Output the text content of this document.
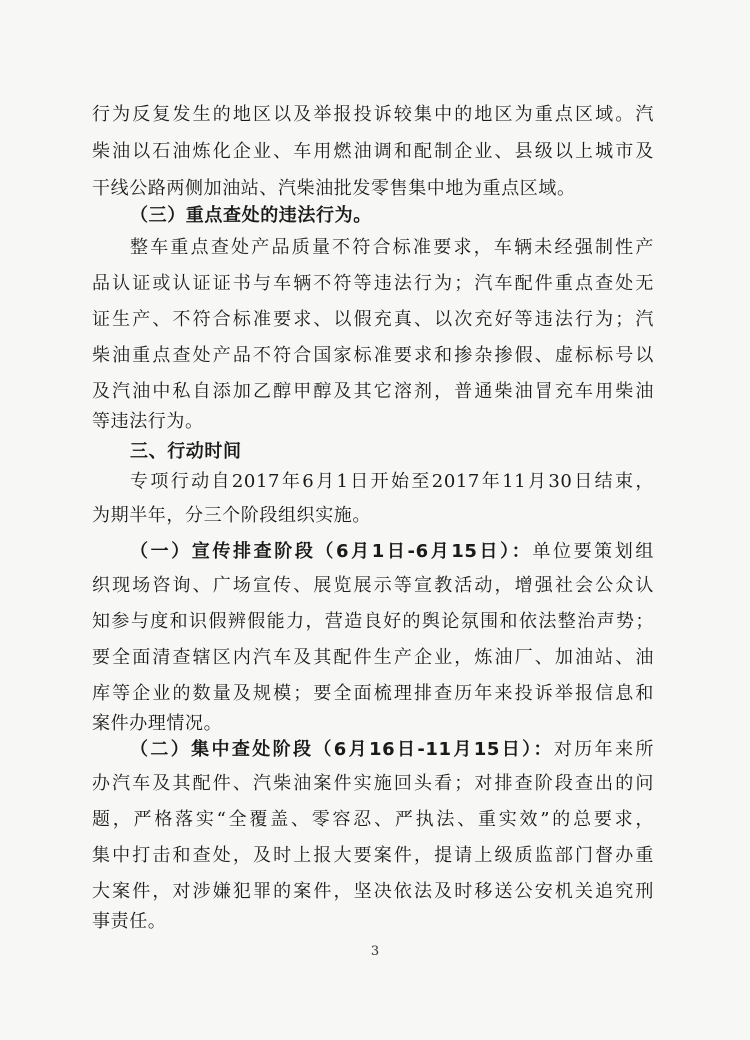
行为反复发生的地区以及举报投诉较集中的地区为重点区域。汽
柴油以石油炼化企业、车用燃油调和配制企业、县级以上城市及
干线公路两侧加油站、汽柴油批发零售集中地为重点区域。
（三）重点查处的违法行为。
整车重点查处产品质量不符合标准要求，车辆未经强制性产
品认证或认证证书与车辆不符等违法行为；汽车配件重点查处无
证生产、不符合标准要求、以假充真、以次充好等违法行为；汽
柴油重点查处产品不符合国家标准要求和掺杂掺假、虚标标号以
及汽油中私自添加乙醇甲醇及其它溶剂，普通柴油冒充车用柴油
等违法行为。
三、行动时间
专项行动自2017年6月1日开始至2017年11月30日结束，
为期半年，分三个阶段组织实施。
（一）宣传排查阶段（6月1日-6月15日）：单位要策划组
织现场咨询、广场宣传、展览展示等宣教活动，增强社会公众认
知参与度和识假辨假能力，营造良好的舆论氛围和依法整治声势；
要全面清查辖区内汽车及其配件生产企业，炼油厂、加油站、油
库等企业的数量及规模；要全面梳理排查历年来投诉举报信息和
案件办理情况。
（二）集中查处阶段（6月16日-11月15日）：对历年来所
办汽车及其配件、汽柴油案件实施回头看；对排查阶段查出的问
题，严格落实“全覆盖、零容忍、严执法、重实效”的总要求，
集中打击和查处，及时上报大要案件，提请上级质监部门督办重
大案件，对涉嫌犯罪的案件，坚决依法及时移送公安机关追究刑
事责任。
3
